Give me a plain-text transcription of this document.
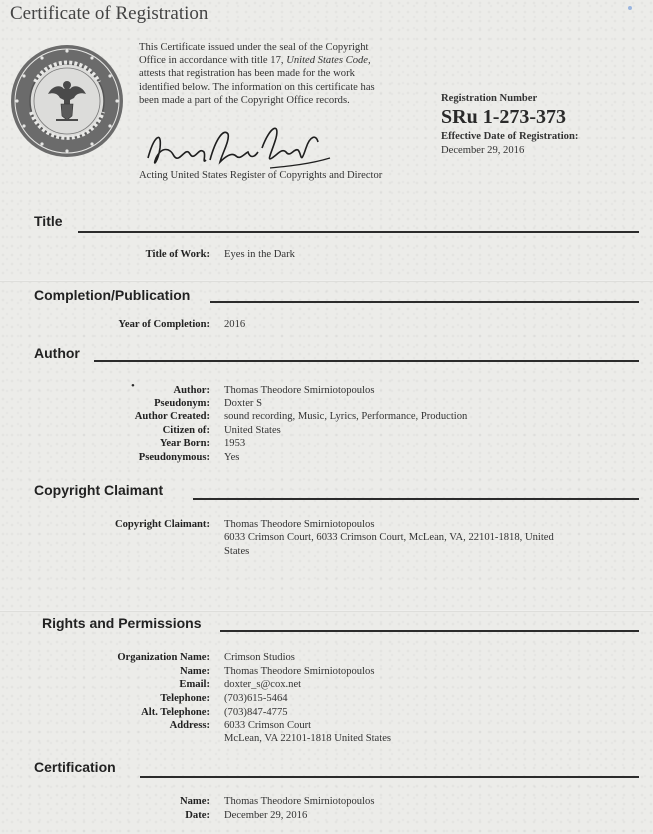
Certificate of Registration
This Certificate issued under the seal of the Copyright
Office in accordance with title 17, United States Code,
attests that registration has been made for the work
identified below. The information on this certificate has
been made a part of the Copyright Office records.
Acting United States Register of Copyrights and Director
Registration Number
SRu 1-273-373
Effective Date of Registration:
December 29, 2016
Title
Title of Work:	Eyes in the Dark
Completion/Publication
Year of Completion:	2016
Author
•	Author:	Thomas Theodore Smirniotopoulos
Pseudonym:	Doxter S
Author Created:	sound recording, Music, Lyrics, Performance, Production
Citizen of:	United States
Year Born:	1953
Pseudonymous:	Yes
Copyright Claimant
Copyright Claimant:	Thomas Theodore Smirniotopoulos
6033 Crimson Court, 6033 Crimson Court, McLean, VA, 22101-1818, United
States
Rights and Permissions
Organization Name:	Crimson Studios
Name:	Thomas Theodore Smirniotopoulos
Email:	doxter_s@cox.net
Telephone:	(703)615-5464
Alt. Telephone:	(703)847-4775
Address:	6033 Crimson Court
McLean, VA 22101-1818 United States
Certification
Name:	Thomas Theodore Smirniotopoulos
Date:	December 29, 2016
